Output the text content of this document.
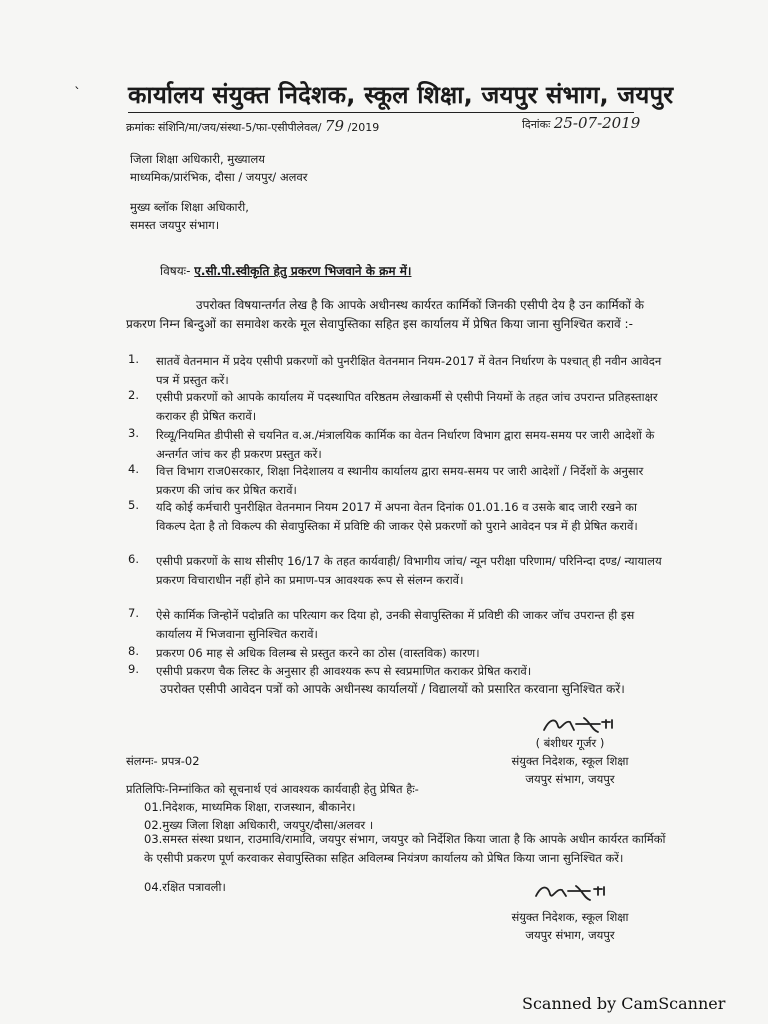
` कार्यालय संयुक्त निदेशक, स्कूल शिक्षा, जयपुर संभाग, जयपुर
क्रमांकः संशिनि/मा/जय/संस्था-5/फा-एसीपीलेवल/ 79 /2019	दिनांकः 25-07-2019
जिला शिक्षा अधिकारी, मुख्यालय
माध्यमिक/प्रारंभिक, दौसा / जयपुर/ अलवर
मुख्य ब्लॉक शिक्षा अधिकारी,
समस्त जयपुर संभाग।
विषयः- ए.सी.पी.स्वीकृति हेतु प्रकरण भिजवाने के क्रम में।
उपरोक्त विषयान्तर्गत लेख है कि आपके अधीनस्थ कार्यरत कार्मिकों जिनकी एसीपी देय है उन कार्मिकों के प्रकरण निम्न बिन्दुओं का समावेश करके मूल सेवापुस्तिका सहित इस कार्यालय में प्रेषित किया जाना सुनिश्चित करावें :-
1. सातवें वेतनमान में प्रदेय एसीपी प्रकरणों को पुनरीक्षित वेतनमान नियम-2017 में वेतन निर्धारण के पश्चात् ही नवीन आवेदन पत्र में प्रस्तुत करें।
2. एसीपी प्रकरणों को आपके कार्यालय में पदस्थापित वरिष्ठतम लेखाकर्मी से एसीपी नियमों के तहत जांच उपरान्त प्रतिहस्ताक्षर कराकर ही प्रेषित करावें।
3. रिव्यू/नियमित डीपीसी से चयनित व.अ./मंत्रालयिक कार्मिक का वेतन निर्धारण विभाग द्वारा समय-समय पर जारी आदेशों के अन्तर्गत जांच कर ही प्रकरण प्रस्तुत करें।
4. वित्त विभाग राज0सरकार, शिक्षा निदेशालय व स्थानीय कार्यालय द्वारा समय-समय पर जारी आदेशों / निर्देशों के अनुसार प्रकरण की जांच कर प्रेषित करावें।
5. यदि कोई कर्मचारी पुनरीक्षित वेतनमान नियम 2017 में अपना वेतन दिनांक 01.01.16 व उसके बाद जारी रखने का विकल्प देता है तो विकल्प की सेवापुस्तिका में प्रविष्टि की जाकर ऐसे प्रकरणों को पुराने आवेदन पत्र में ही प्रेषित करावें।
6. एसीपी प्रकरणों के साथ सीसीए 16/17 के तहत कार्यवाही/ विभागीय जांच/ न्यून परीक्षा परिणाम/ परिनिन्दा दण्ड/ न्यायालय प्रकरण विचाराधीन नहीं होने का प्रमाण-पत्र आवश्यक रूप से संलग्न करावें।
7. ऐसे कार्मिक जिन्होनें पदोन्नति का परित्याग कर दिया हो, उनकी सेवापुस्तिका में प्रविष्टी की जाकर जॉच उपरान्त ही इस कार्यालय में भिजवाना सुनिश्चित करावें।
8. प्रकरण 06 माह से अधिक विलम्ब से प्रस्तुत करने का ठोस (वास्तविक) कारण।
9. एसीपी प्रकरण चैक लिस्ट के अनुसार ही आवश्यक रूप से स्वप्रमाणित कराकर प्रेषित करावें।
उपरोक्त एसीपी आवेदन पत्रों को आपके अधीनस्थ कार्यालयों / विद्यालयों को प्रसारित करवाना सुनिश्चित करें।
( बंशीधर गूर्जर )
संयुक्त निदेशक, स्कूल शिक्षा
जयपुर संभाग, जयपुर
संलग्नः- प्रपत्र-02
प्रतिलिपिः-निम्नांकित को सूचनार्थ एवं आवश्यक कार्यवाही हेतु प्रेषित हैः-
01.निदेशक, माध्यमिक शिक्षा, राजस्थान, बीकानेर।
02.मुख्य जिला शिक्षा अधिकारी, जयपुर/दौसा/अलवर ।
03.समस्त संस्था प्रधान, राउमावि/रामावि, जयपुर संभाग, जयपुर को निर्देशित किया जाता है कि आपके अधीन कार्यरत कार्मिकों के एसीपी प्रकरण पूर्ण करवाकर सेवापुस्तिका सहित अविलम्ब नियंत्रण कार्यालय को प्रेषित किया जाना सुनिश्चित करें।
04.रक्षित पत्रावली।
संयुक्त निदेशक, स्कूल शिक्षा
जयपुर संभाग, जयपुर
Scanned by CamScanner
